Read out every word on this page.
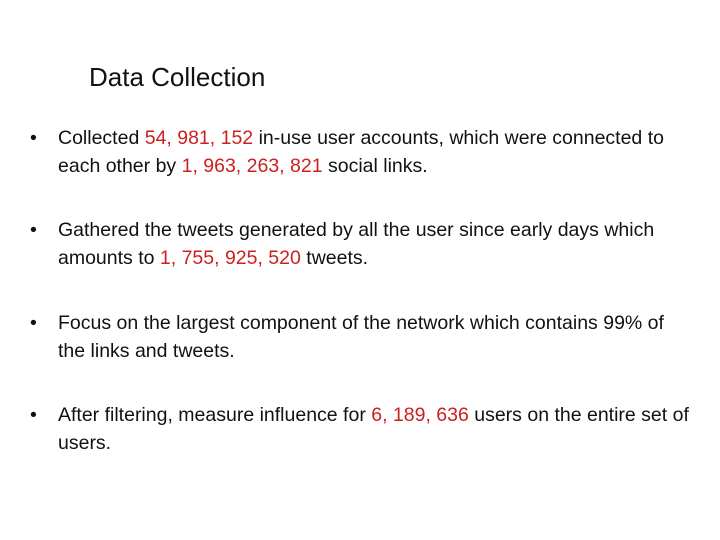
Data Collection
•	Collected 54, 981, 152 in-use user accounts, which were connected to each other by 1, 963, 263, 821 social links.
•	Gathered the tweets generated by all the user since early days which amounts to 1, 755, 925, 520 tweets.
•	Focus on the largest component of the network which contains 99% of the links and tweets.
•	After filtering, measure influence for 6, 189, 636 users on the entire set of users.
